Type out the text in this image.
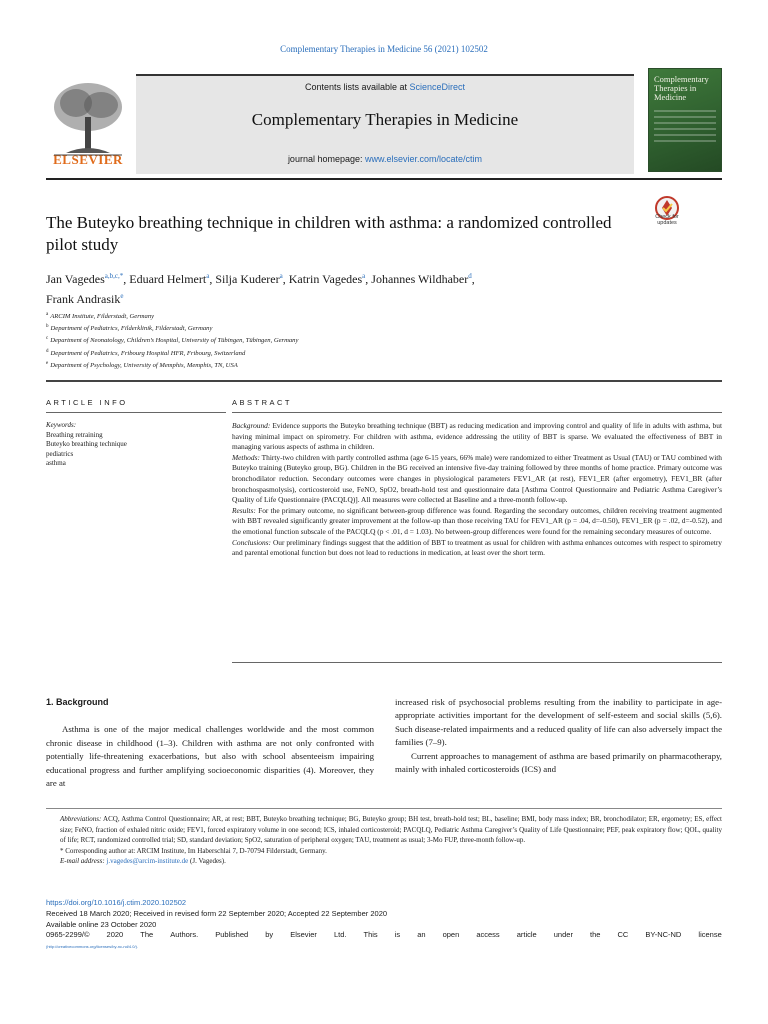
Complementary Therapies in Medicine 56 (2021) 102502
ELSEVIER
Contents lists available at ScienceDirect
Complementary Therapies in Medicine
journal homepage: www.elsevier.com/locate/ctim
Complementary Therapies in Medicine
The Buteyko breathing technique in children with asthma: a randomized controlled pilot study
Check for updates
Jan Vagedes$^{a,b,c,*}$, Eduard Helmert$^a$, Silja Kuderer$^a$, Katrin Vagedes$^a$, Johannes Wildhaber$^d$,
Frank Andrasik$^e$
$^a$ ARCIM Institute, Filderstadt, Germany
$^b$ Department of Pediatrics, Filderklinik, Filderstadt, Germany
$^c$ Department of Neonatology, Children’s Hospital, University of Tübingen, Tübingen, Germany
$^d$ Department of Pediatrics, Fribourg Hospital HFR, Fribourg, Switzerland
$^e$ Department of Psychology, University of Memphis, Memphis, TN, USA
ARTICLE INFO	ABSTRACT
Keywords:
Breathing retraining
Buteyko breathing technique
pediatrics
asthma

Background: Evidence supports the Buteyko breathing technique (BBT) as reducing medication and improving control and quality of life in adults with asthma, but having minimal impact on spirometry. For children with asthma, evidence addressing the utility of BBT is sparse. We evaluated the effectiveness of BBT in managing various aspects of asthma in children.

Methods: Thirty-two children with partly controlled asthma (age 6-15 years, 66% male) were randomized to either Treatment as Usual (TAU) or TAU combined with Buteyko training (Buteyko group, BG). Children in the BG received an intensive five-day training followed by three months of home practice. Primary outcome was bronchodilator reduction. Secondary outcomes were changes in physiological parameters FEV1_AR (at rest), FEV1_ER (after ergometry), FEV1_BR (after bronchospasmolysis), corticosteroid use, FeNO, SpO2, breath-hold test and questionnaire data [Asthma Control Questionnaire and Pediatric Asthma Caregiver’s Quality of Life Questionnaire (PACQLQ)]. All measures were collected at Baseline and a three-month follow-up.

Results: For the primary outcome, no significant between-group difference was found. Regarding the secondary outcomes, children receiving treatment augmented with BBT revealed significantly greater improvement at the follow-up than those receiving TAU for FEV1_AR (p = .04, d=-0.50), FEV1_ER (p = .02, d=-0.52), and the emotional function subscale of the PACQLQ (p < .01, d = 1.03). No between-group differences were found for the remaining secondary measures of outcome.

Conclusions: Our preliminary findings suggest that the addition of BBT to treatment as usual for children with asthma enhances outcomes with respect to spirometry and parental emotional function but does not lead to reductions in medication, at least over the short term.

1. Background

Asthma is one of the major medical challenges worldwide and the most common chronic disease in childhood (1–3). Children with asthma are not only confronted with potentially life-threatening exacerbations, but also with school absenteeism impairing educational progress and further amplifying socioeconomic disparities (4). Moreover, they are at

increased risk of psychosocial problems resulting from the inability to participate in age-appropriate activities important for the development of self-esteem and social skills (5,6). Such disease-related impairments and a reduced quality of life can also adversely impact the families (7–9).

Current approaches to management of asthma are based primarily on pharmacotherapy, mainly with inhaled corticosteroids (ICS) and

Abbreviations: ACQ, Asthma Control Questionnaire; AR, at rest; BBT, Buteyko breathing technique; BG, Buteyko group; BH test, breath-hold test; BL, baseline; BMI, body mass index; BR, bronchodilator; ER, ergometry; ES, effect size; FeNO, fraction of exhaled nitric oxide; FEV1, forced expiratory volume in one second; ICS, inhaled corticosteroid; PACQLQ, Pediatric Asthma Caregiver’s Quality of Life Questionnaire; PEF, peak expiratory flow; QOL, quality of life; RCT, randomized controlled trial; SD, standard deviation; SpO2, saturation of peripheral oxygen; TAU, treatment as usual; 3-Mo FUP, three-month follow-up.

* Corresponding author at: ARCIM Institute, Im Haberschlai 7, D-70794 Filderstadt, Germany.

E-mail address: j.vagedes@arcim-institute.de (J. Vagedes).

https://doi.org/10.1016/j.ctim.2020.102502
Received 18 March 2020; Received in revised form 22 September 2020; Accepted 22 September 2020
Available online 23 October 2020
0965-2299/© 2020 The Authors. Published by Elsevier Ltd. This is an open access article under the CC BY-NC-ND license
(http://creativecommons.org/licenses/by-nc-nd/4.0/).
